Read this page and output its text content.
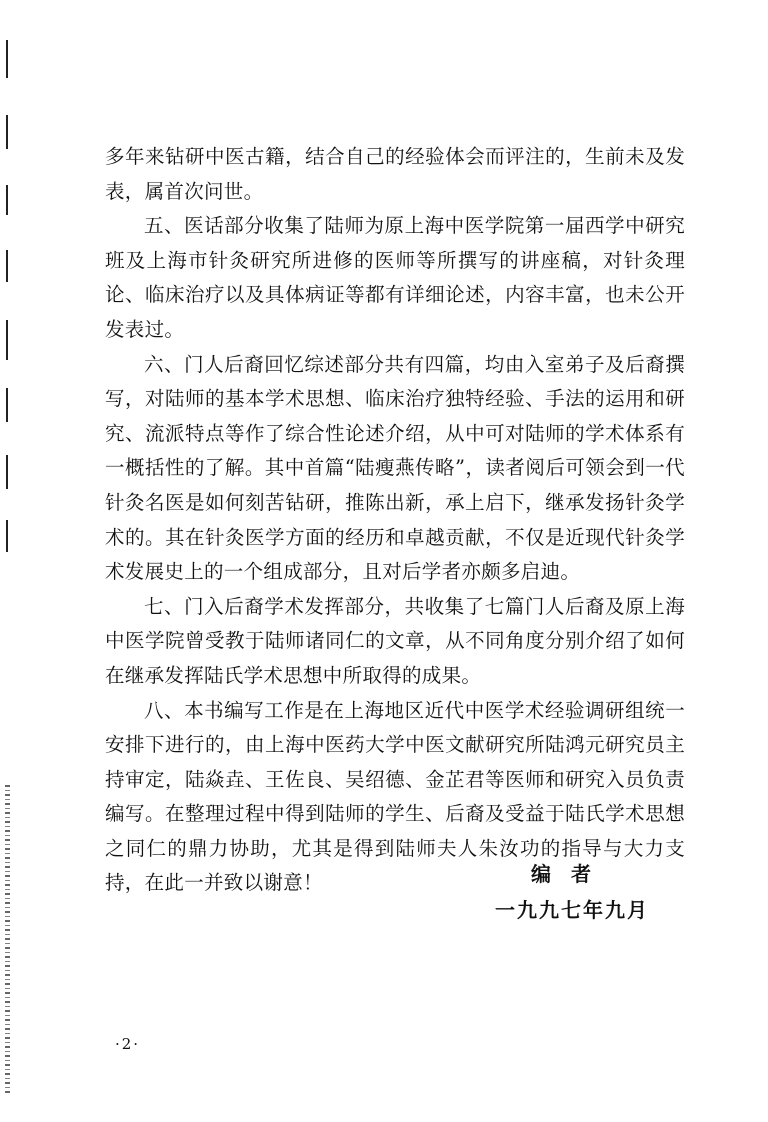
多年来钻研中医古籍，结合自己的经验体会而评注的，生前未及发表，属首次问世。

五、医话部分收集了陆师为原上海中医学院第一届西学中研究班及上海市针灸研究所进修的医师等所撰写的讲座稿，对针灸理论、临床治疗以及具体病证等都有详细论述，内容丰富，也未公开发表过。

六、门人后裔回忆综述部分共有四篇，均由入室弟子及后裔撰写，对陆师的基本学术思想、临床治疗独特经验、手法的运用和研究、流派特点等作了综合性论述介绍，从中可对陆师的学术体系有一概括性的了解。其中首篇“陆瘦燕传略”，读者阅后可领会到一代针灸名医是如何刻苦钻研，推陈出新，承上启下，继承发扬针灸学术的。其在针灸医学方面的经历和卓越贡献，不仅是近现代针灸学术发展史上的一个组成部分，且对后学者亦颇多启迪。

七、门入后裔学术发挥部分，共收集了七篇门人后裔及原上海中医学院曾受教于陆师诸同仁的文章，从不同角度分别介绍了如何在继承发挥陆氏学术思想中所取得的成果。

八、本书编写工作是在上海地区近代中医学术经验调研组统一安排下进行的，由上海中医药大学中医文献研究所陆鸿元研究员主持审定，陆焱垚、王佐良、吴绍德、金芷君等医师和研究入员负责编写。在整理过程中得到陆师的学生、后裔及受益于陆氏学术思想之同仁的鼎力协助，尤其是得到陆师夫人朱汝功的指导与大力支持，在此一并致以谢意！	编者
一九九七年九月
·2·
